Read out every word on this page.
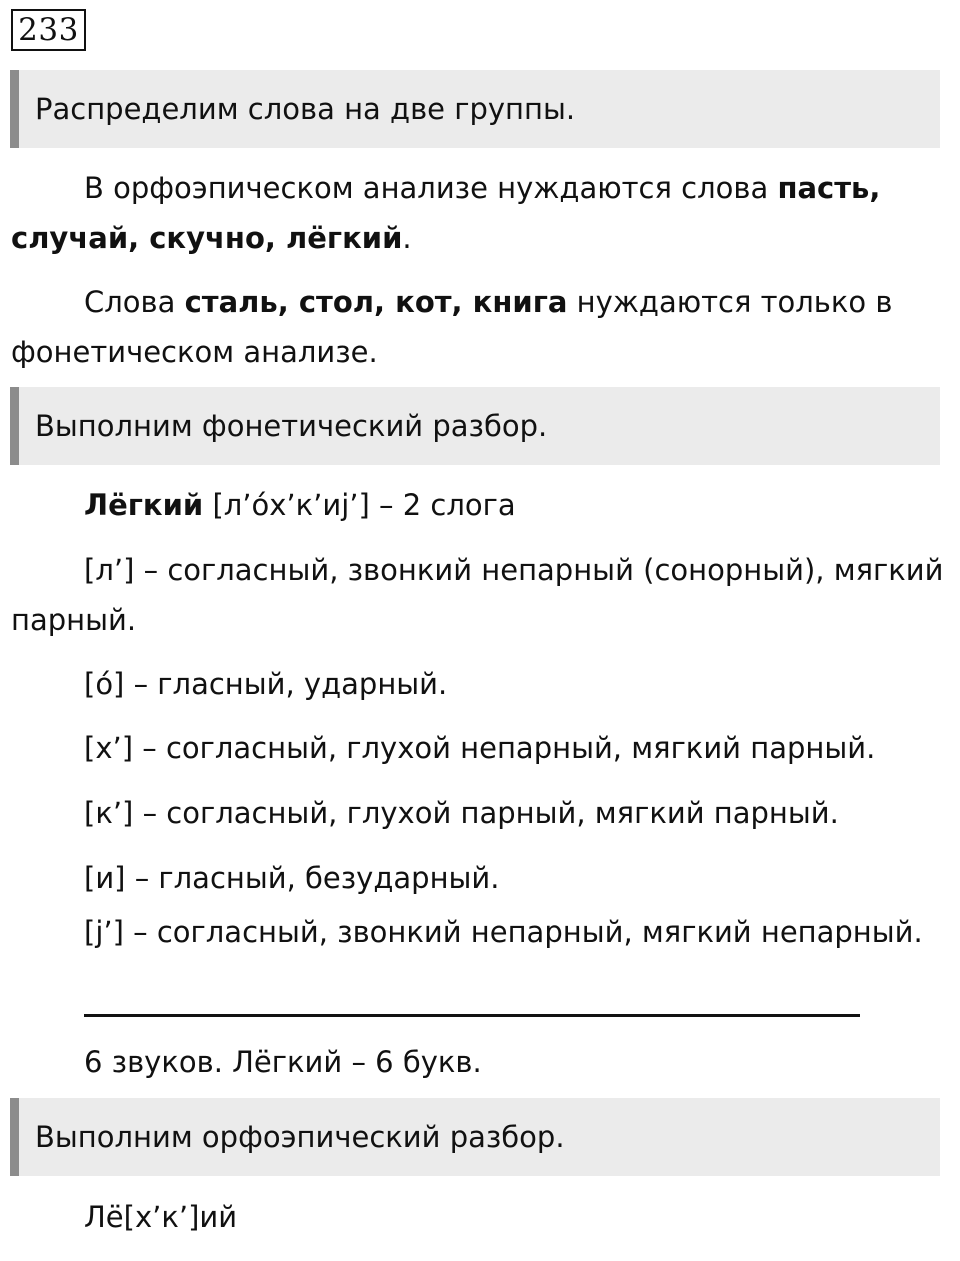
233
Распределим слова на две группы.
В орфоэпическом анализе нуждаются слова пасть,
случай, скучно, лёгкий.
Слова сталь, стол, кот, книга нуждаются только в
фонетическом анализе.
Выполним фонетический разбор.
Лёгкий [л’о́х’к’иj’] – 2 слога
[л’] – согласный, звонкий непарный (сонорный), мягкий
парный.
[о́] – гласный, ударный.
[х’] – согласный, глухой непарный, мягкий парный.
[к’] – согласный, глухой парный, мягкий парный.
[и] – гласный, безударный.
[j’] – согласный, звонкий непарный, мягкий непарный.
6 звуков. Лёгкий – 6 букв.
Выполним орфоэпический разбор.
Лё[х’к’]ий
